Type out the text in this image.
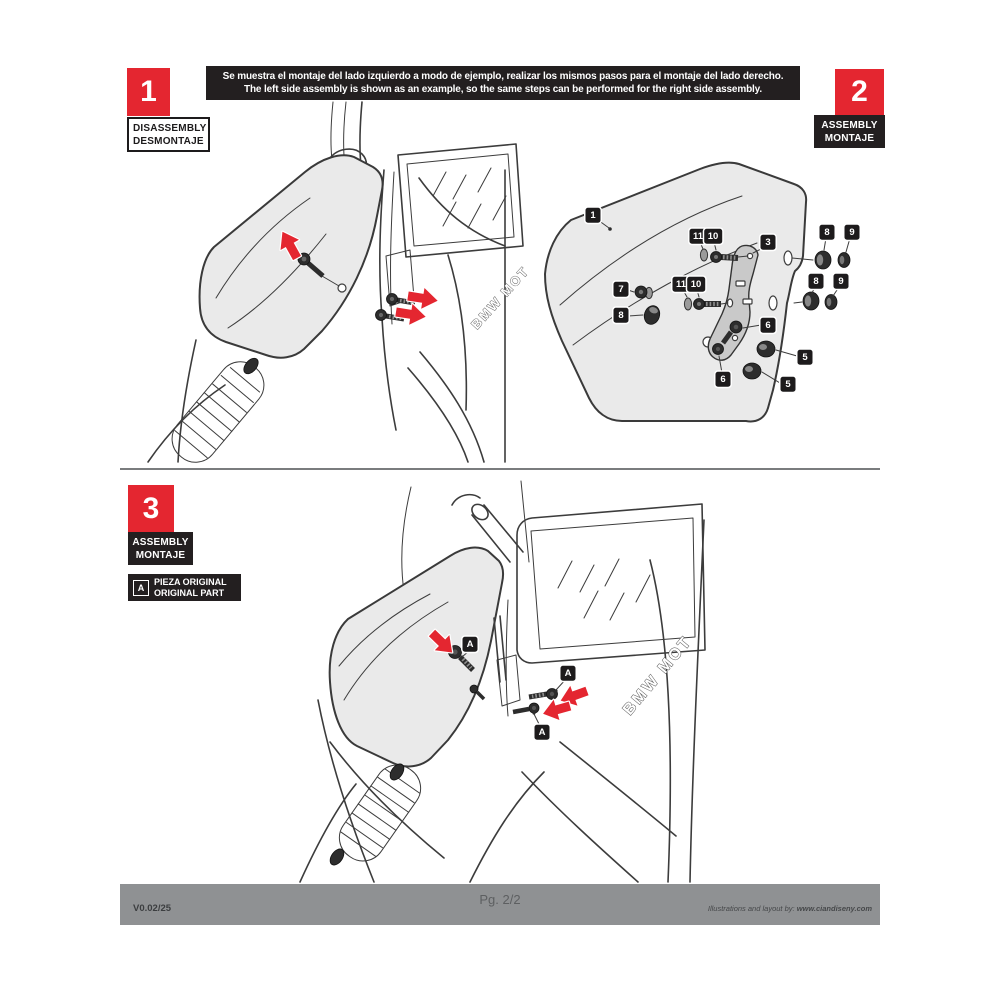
BMW MOT
BMW MOT
1
11 10
3
8	9
7	11 10	8	9
8
6
5
6	5
A
A
A
1
DISASSEMBLY
DESMONTAJE
Se muestra el montaje del lado izquierdo a modo de ejemplo, realizar los mismos pasos para el montaje del lado derecho.
The left side assembly is shown as an example, so the same steps can be performed for the right side assembly.	2
ASSEMBLY
MONTAJE
3
ASSEMBLY
MONTAJE
A
PIEZA ORIGINAL
ORIGINAL PART
Pg. 2/2
V0.02/25	Illustrations and layout by: www.ciandiseny.com
